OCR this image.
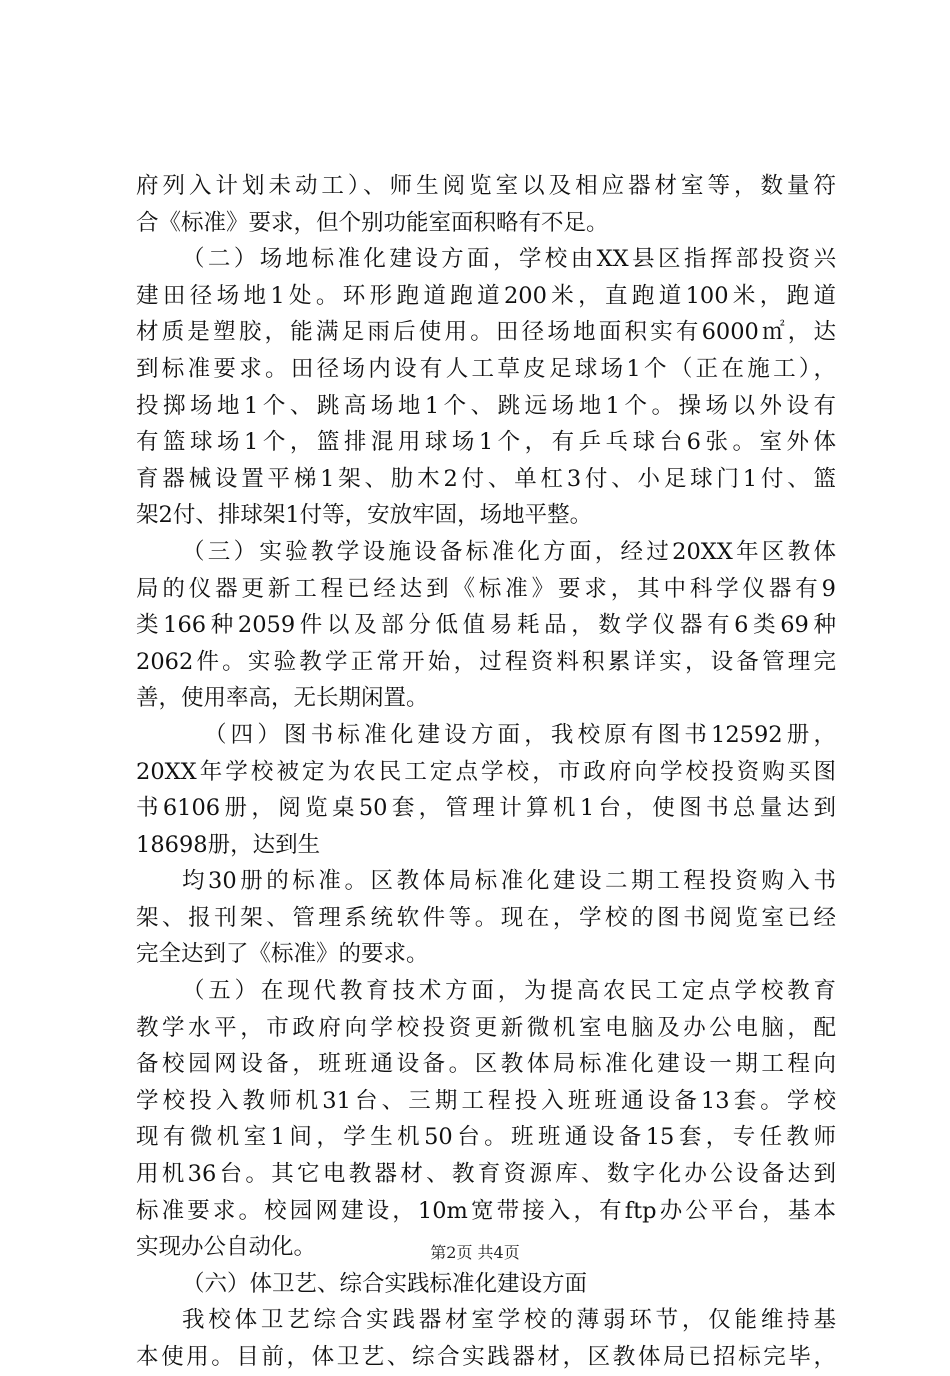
府列入计划未动工）、师生阅览室以及相应器材室等，数量符
合《标准》要求，但个别功能室面积略有不足。
（二）场地标准化建设方面，学校由XX县区指挥部投资兴
建田径场地1处。环形跑道跑道200米，直跑道100米，跑道
材质是塑胶，能满足雨后使用。田径场地面积实有6000㎡，达
到标准要求。田径场内设有人工草皮足球场1个（正在施工），
投掷场地1个、跳高场地1个、跳远场地1个。操场以外设有
有篮球场1个，篮排混用球场1个，有乒乓球台6张。室外体
育器械设置平梯1架、肋木2付、单杠3付、小足球门1付、篮
架2付、排球架1付等，安放牢固，场地平整。
（三）实验教学设施设备标准化方面，经过20XX年区教体
局的仪器更新工程已经达到《标准》要求，其中科学仪器有9
类166种2059件以及部分低值易耗品，数学仪器有6类69种
2062件。实验教学正常开始，过程资料积累详实，设备管理完
善，使用率高，无长期闲置。
（四）图书标准化建设方面，我校原有图书12592册，
20XX年学校被定为农民工定点学校，市政府向学校投资购买图
书6106册，阅览桌50套，管理计算机1台，使图书总量达到
18698册，达到生
均30册的标准。区教体局标准化建设二期工程投资购入书
架、报刊架、管理系统软件等。现在，学校的图书阅览室已经
完全达到了《标准》的要求。
（五）在现代教育技术方面，为提高农民工定点学校教育
教学水平，市政府向学校投资更新微机室电脑及办公电脑，配
备校园网设备，班班通设备。区教体局标准化建设一期工程向
学校投入教师机31台、三期工程投入班班通设备13套。学校
现有微机室1间，学生机50台。班班通设备15套，专任教师
用机36台。其它电教器材、教育资源库、数字化办公设备达到
标准要求。校园网建设，10m宽带接入，有ftp办公平台，基本
实现办公自动化。
（六）体卫艺、综合实践标准化建设方面
我校体卫艺综合实践器材室学校的薄弱环节，仅能维持基
本使用。目前，体卫艺、综合实践器材，区教体局已招标完毕，
第2页 共4页
